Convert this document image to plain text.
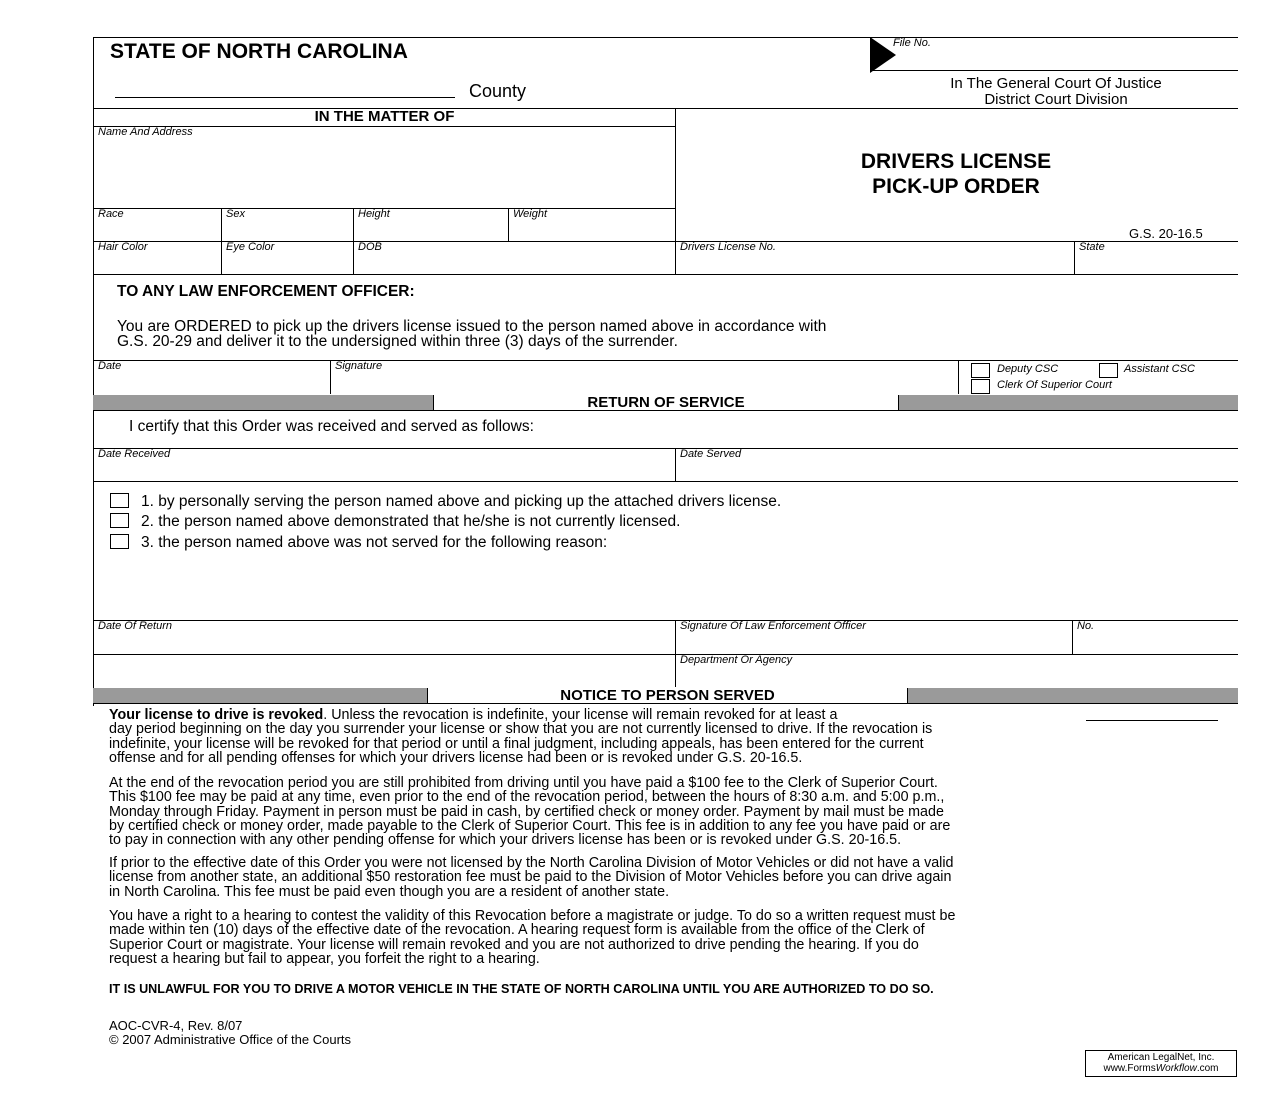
STATE OF NORTH CAROLINA
County
File No.
In The General Court Of Justice
District Court Division
IN THE MATTER OF
Name And Address
Race	Sex	Height	Weight
Hair Color	Eye Color	DOB
DRIVERS LICENSE
PICK-UP ORDER
G.S. 20-16.5
Drivers License No.	State
TO ANY LAW ENFORCEMENT OFFICER:
You are ORDERED to pick up the drivers license issued to the person named above in accordance with
G.S. 20-29 and deliver it to the undersigned within three (3) days of the surrender.
Date	Signature	Deputy CSC	Assistant CSC
Clerk Of Superior Court
RETURN OF SERVICE
I certify that this Order was received and served as follows:
Date Received	Date Served
1. by personally serving the person named above and picking up the attached drivers license.
2. the person named above demonstrated that he/she is not currently licensed.
3. the person named above was not served for the following reason:
Date Of Return	Signature Of Law Enforcement Officer	No.
Department Or Agency
NOTICE TO PERSON SERVED

Your license to drive is revoked. Unless the revocation is indefinite, your license will remain revoked for at least a

day period beginning on the day you surrender your license or show that you are not currently licensed to drive. If the revocation is

indefinite, your license will be revoked for that period or until a final judgment, including appeals, has been entered for the current

offense and for all pending offenses for which your drivers license had been or is revoked under G.S. 20-16.5.

At the end of the revocation period you are still prohibited from driving until you have paid a $100 fee to the Clerk of Superior Court.

This $100 fee may be paid at any time, even prior to the end of the revocation period, between the hours of 8:30 a.m. and 5:00 p.m.,

Monday through Friday. Payment in person must be paid in cash, by certified check or money order. Payment by mail must be made

by certified check or money order, made payable to the Clerk of Superior Court. This fee is in addition to any fee you have paid or are

to pay in connection with any other pending offense for which your drivers license has been or is revoked under G.S. 20-16.5.

If prior to the effective date of this Order you were not licensed by the North Carolina Division of Motor Vehicles or did not have a valid

license from another state, an additional $50 restoration fee must be paid to the Division of Motor Vehicles before you can drive again

in North Carolina. This fee must be paid even though you are a resident of another state.

You have a right to a hearing to contest the validity of this Revocation before a magistrate or judge. To do so a written request must be

made within ten (10) days of the effective date of the revocation. A hearing request form is available from the office of the Clerk of

Superior Court or magistrate. Your license will remain revoked and you are not authorized to drive pending the hearing. If you do

request a hearing but fail to appear, you forfeit the right to a hearing.

IT IS UNLAWFUL FOR YOU TO DRIVE A MOTOR VEHICLE IN THE STATE OF NORTH CAROLINA UNTIL YOU ARE AUTHORIZED TO DO SO.
AOC-CVR-4, Rev. 8/07
© 2007 Administrative Office of the Courts
American LegalNet, Inc.
www.FormsWorkflow.com
